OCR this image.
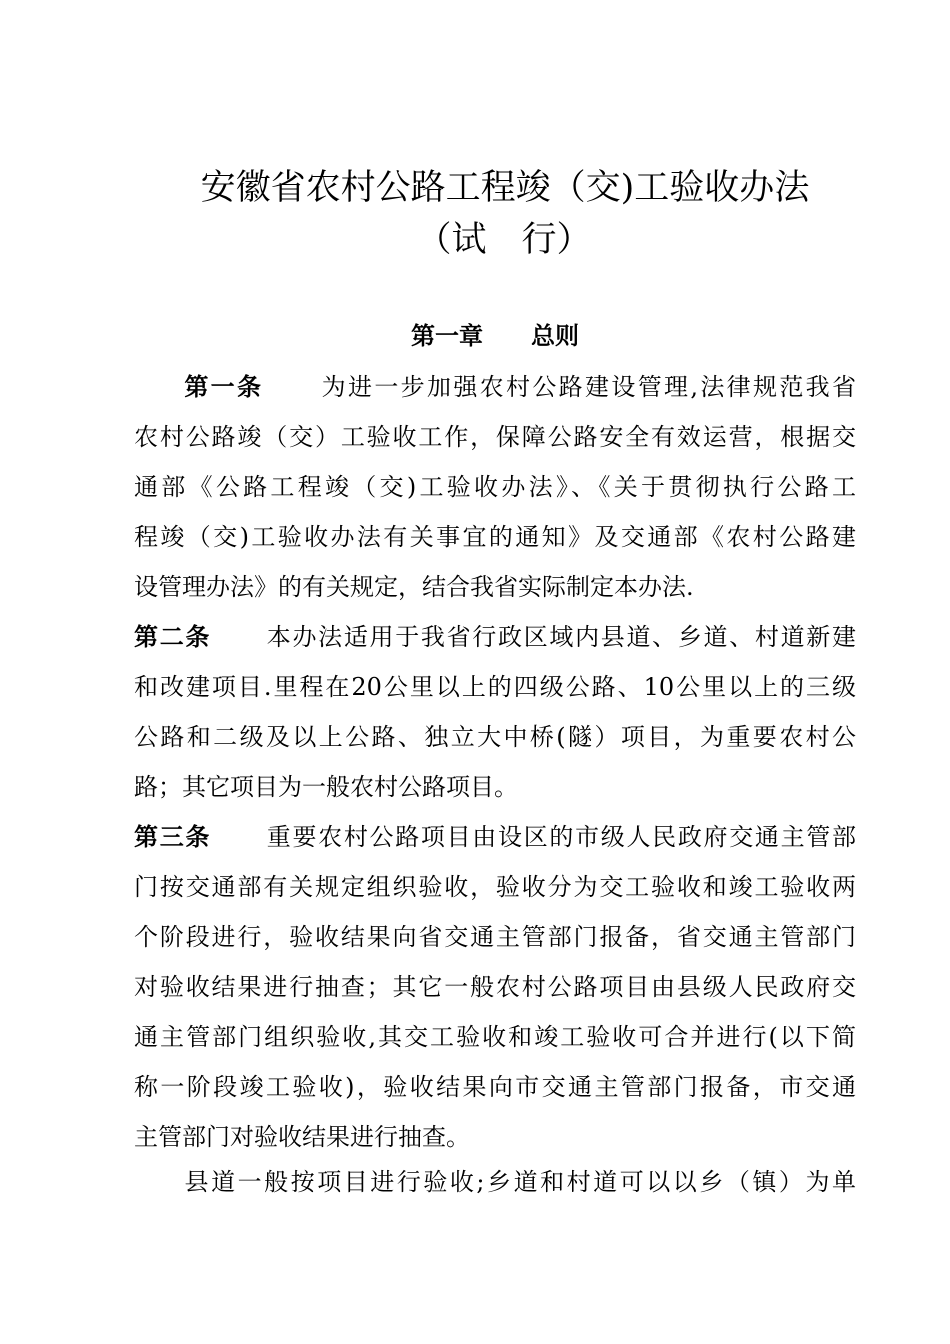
安徽省农村公路工程竣（交)工验收办法
（试　行）
第一章　　总则
第一条 为进一步加强农村公路建设管理,法律规范我省
农村公路竣（交）工验收工作，保障公路安全有效运营，根据交
通部《公路工程竣（交)工验收办法》、《关于贯彻执行公路工
程竣（交)工验收办法有关事宜的通知》及交通部《农村公路建
设管理办法》的有关规定，结合我省实际制定本办法.
第二条 本办法适用于我省行政区域内县道、乡道、村道新建
和改建项目.里程在20公里以上的四级公路、10公里以上的三级
公路和二级及以上公路、独立大中桥(隧）项目，为重要农村公
路；其它项目为一般农村公路项目。
第三条 重要农村公路项目由设区的市级人民政府交通主管部
门按交通部有关规定组织验收，验收分为交工验收和竣工验收两
个阶段进行，验收结果向省交通主管部门报备，省交通主管部门
对验收结果进行抽查；其它一般农村公路项目由县级人民政府交
通主管部门组织验收,其交工验收和竣工验收可合并进行(以下简
称一阶段竣工验收)，验收结果向市交通主管部门报备，市交通
主管部门对验收结果进行抽查。
县道一般按项目进行验收;乡道和村道可以以乡（镇）为单
